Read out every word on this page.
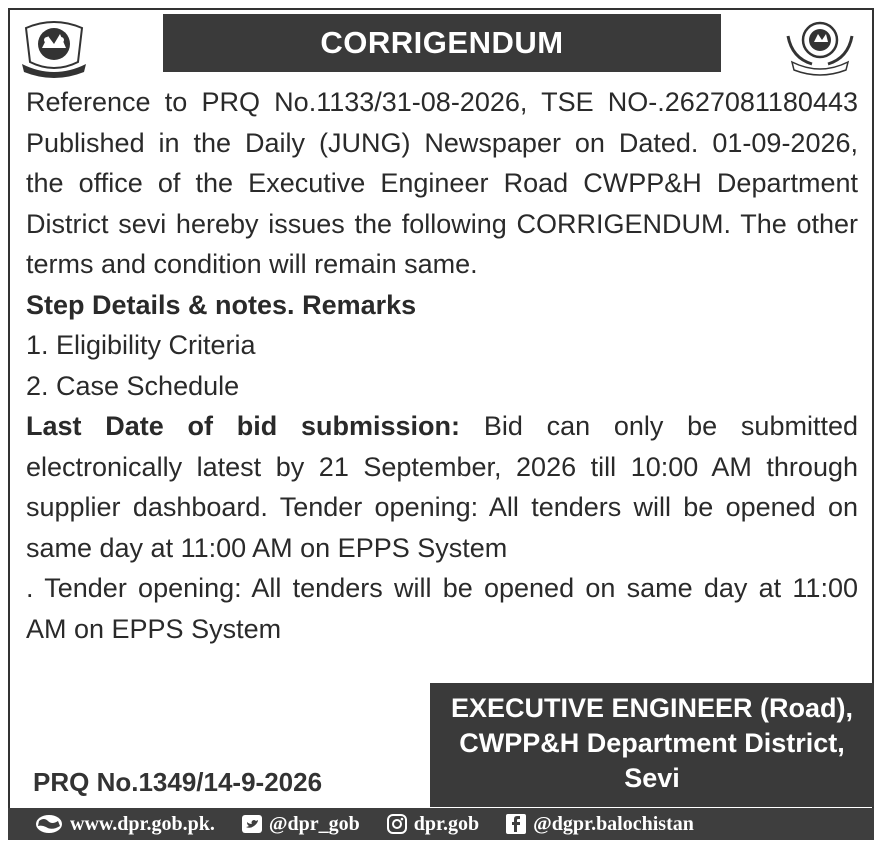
CORRIGENDUM

Reference to PRQ No.1133/31-08-2026, TSE NO-.2627081180443

Published in the Daily (JUNG) Newspaper on Dated. 01-09-2026,

the office of the Executive Engineer Road CWPP&H Department

District sevi hereby issues the following CORRIGENDUM. The other

terms and condition will remain same.

Step Details & notes. Remarks

1. Eligibility Criteria

2. Case Schedule

Last Date of bid submission: Bid can only be submitted

electronically latest by 21 September, 2026 till 10:00 AM through

supplier dashboard. Tender opening: All tenders will be opened on

same day at 11:00 AM on EPPS System

. Tender opening: All tenders will be opened on same day at 11:00

AM on EPPS System

EXECUTIVE ENGINEER (Road),
CWPP&H Department District,
Sevi
PRQ No.1349/14-9-2026
www.dpr.gob.pk.	@dpr_gob	dpr.gob	@dgpr.balochistan
